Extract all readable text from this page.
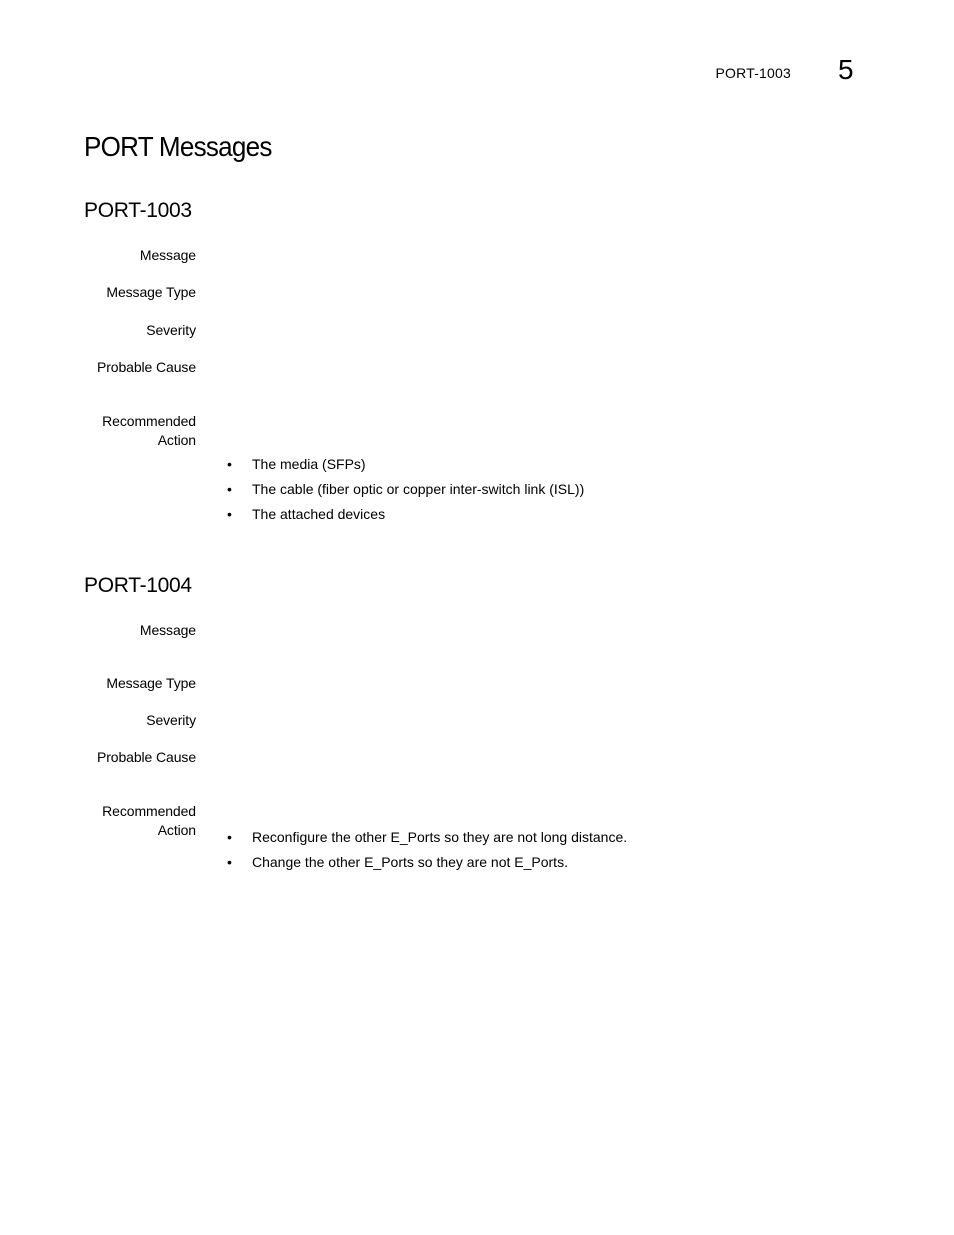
PORT-1003 5
PORT Messages
PORT-1003
Message
Message Type
Severity
Probable Cause
Recommended
Action
• The media (SFPs)
• The cable (fiber optic or copper inter-switch link (ISL))
• The attached devices
PORT-1004
Message
Message Type
Severity
Probable Cause
Recommended
Action • Reconfigure the other E_Ports so they are not long distance.
• Change the other E_Ports so they are not E_Ports.
